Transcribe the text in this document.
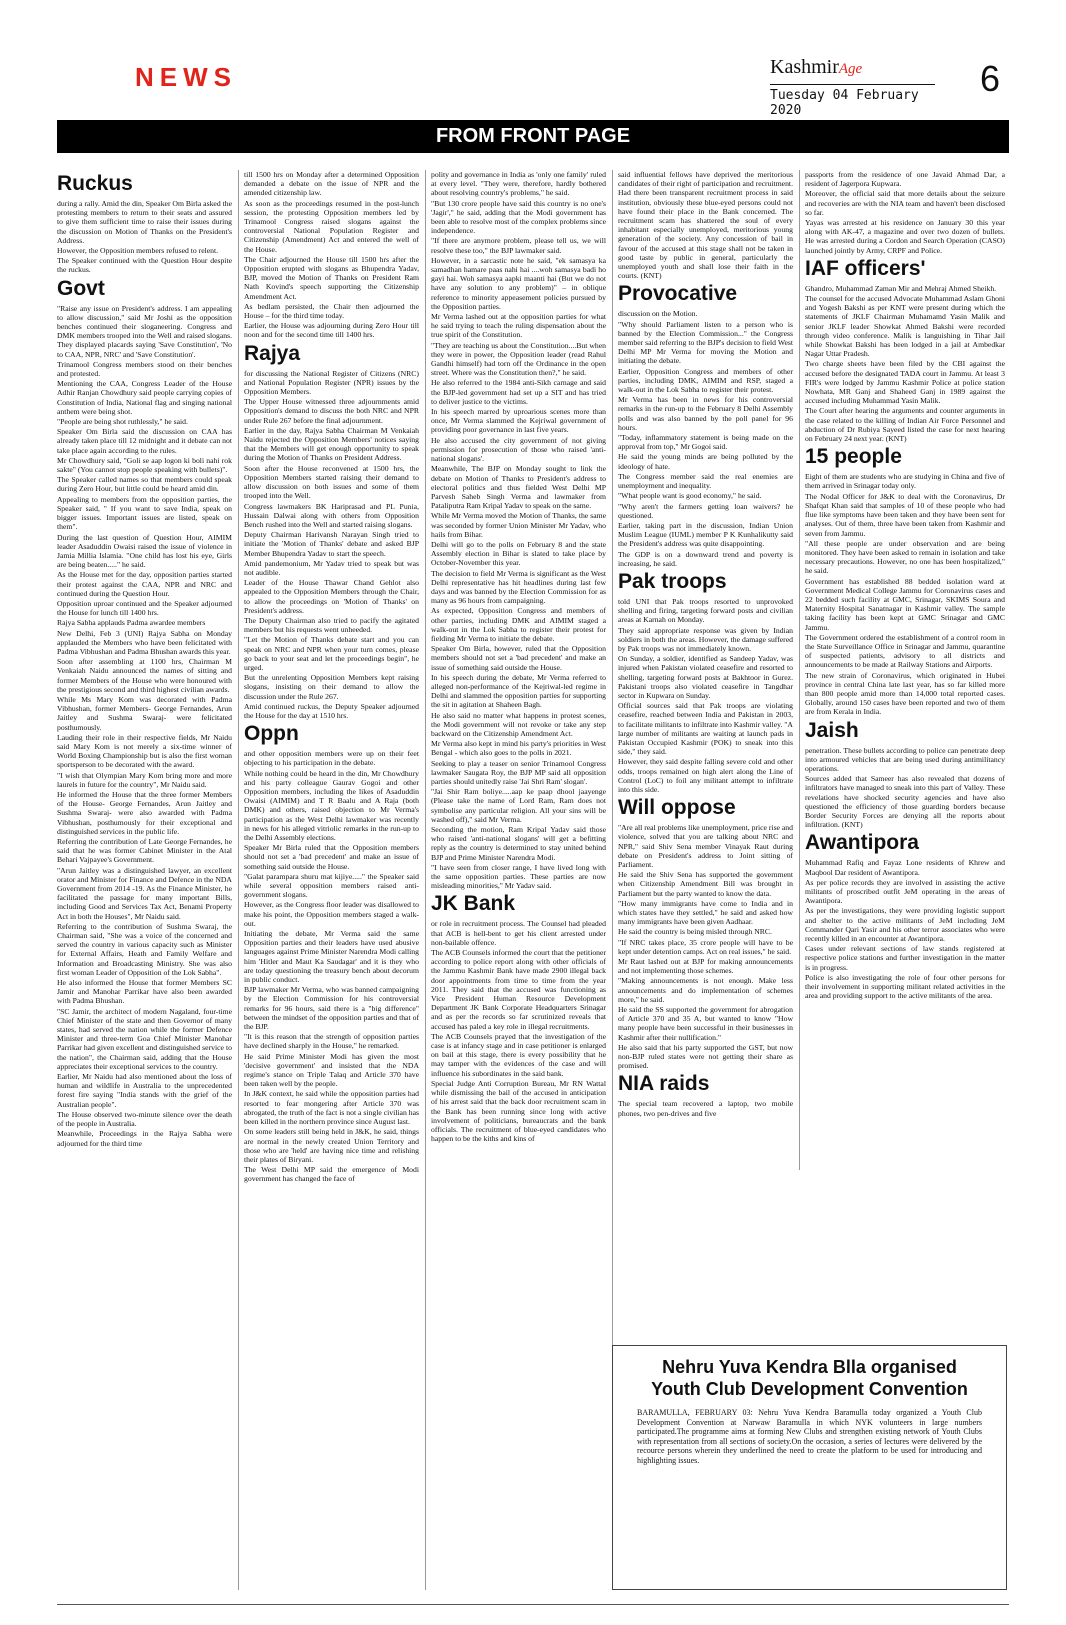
NEWS	KashmirAge
Tuesday 04 February 2020
6
FROM FRONT PAGE
Ruckus

during a rally. Amid the din, Speaker Om Birla asked the protesting members to return to their seats and assured to give them sufficient time to raise their issues during the discussion on Motion of Thanks on the President's Address.

However, the Opposition members refused to relent.

The Speaker continued with the Question Hour despite the ruckus.

Govt

"Raise any issue on President's address. I am appealing to allow discussion," said Mr Joshi as the opposition benches continued their sloganeering. Congress and DMK members trooped into the Well and raised slogans. They displayed placards saying 'Save Constitution', 'No to CAA, NPR, NRC' and 'Save Constitution'.

Trinamool Congress members stood on their benches and protested.

Mentioning the CAA, Congress Leader of the House Adhir Ranjan Chowdhury said people carrying copies of Constitution of India, National flag and singing national anthem were being shot.

"People are being shot ruthlessly," he said.

Speaker Om Birla said the discussion on CAA has already taken place till 12 midnight and it debate can not take place again according to the rules.

Mr Chowdhury said, "Goli se aap logon ki boli nahi rok sakte" (You cannot stop people speaking with bullets)".

The Speaker called names so that members could speak during Zero Hour, but little could be heard amid din.

Appealing to members from the opposition parties, the Speaker said, " If you want to save India, speak on bigger issues. Important issues are listed, speak on them".

During the last question of Question Hour, AIMIM leader Asaduddin Owaisi raised the issue of violence in Jamia Millia Islamia. "One child has lost his eye, Girls are being beaten....." he said.

As the House met for the day, opposition parties started their protest against the CAA, NPR and NRC and continued during the Question Hour.

Opposition uproar continued and the Speaker adjourned the House for lunch till 1400 hrs.

Rajya Sabha applauds Padma awardee members

New Delhi, Feb 3 (UNI) Rajya Sabha on Monday applauded the Members who have been felicitated with Padma Vibhushan and Padma Bhushan awards this year.

Soon after assembling at 1100 hrs, Chairman M Venkaiah Naidu announced the names of sitting and former Members of the House who were honoured with the prestigious second and third highest civilian awards.

While Ms Mary Kom was decorated with Padma Vibhushan, former Members- George Fernandes, Arun Jaitley and Sushma Swaraj- were felicitated posthumously.

Lauding their role in their respective fields, Mr Naidu said Mary Kom is not merely a six-time winner of World Boxing Championship but is also the first woman sportsperson to be decorated with the award.

"I wish that Olympian Mary Kom bring more and more laurels in future for the country", Mr Naidu said.

He informed the House that the three former Members of the House- George Fernandes, Arun Jaitley and Sushma Swaraj- were also awarded with Padma Vibhushan, posthumously for their exceptional and distinguished services in the public life.

Referring the contribution of Late George Fernandes, he said that he was former Cabinet Minister in the Atal Behari Vajpayee's Government.

"Arun Jaitley was a distinguished lawyer, an excellent orator and Minister for Finance and Defence in the NDA Government from 2014 -19. As the Finance Minister, he facilitated the passage for many important Bills, including Good and Services Tax Act, Benami Property Act in both the Houses", Mr Naidu said.

Referring to the contribution of Sushma Swaraj, the Chairman said, "She was a voice of the concerned and served the country in various capacity such as Minister for External Affairs, Heath and Family Welfare and Information and Broadcasting Ministry. She was also first woman Leader of Opposition of the Lok Sabha".

He also informed the House that former Members SC Jamir and Manohar Parrikar have also been awarded with Padma Bhushan.

"SC Jamir, the architect of modern Nagaland, four-time Chief Minister of the state and then Governor of many states, had served the nation while the former Defence Minister and three-term Goa Chief Minister Manohar Parrikar had given excellent and distinguished service to the nation", the Chairman said, adding that the House appreciates their exceptional services to the country.

Earlier, Mr Naidu had also mentioned about the loss of human and wildlife in Australia to the unprecedented forest fire saying "India stands with the grief of the Australian people".

The House observed two-minute silence over the death of the people in Australia.

Meanwhile, Proceedings in the Rajya Sabha were adjourned for the third time

till 1500 hrs on Monday after a determined Opposition demanded a debate on the issue of NPR and the amended citizenship law.

As soon as the proceedings resumed in the post-lunch session, the protesting Opposition members led by Trinamool Congress raised slogans against the controversial National Population Register and Citizenship (Amendment) Act and entered the well of the House.

The Chair adjourned the House till 1500 hrs after the Opposition erupted with slogans as Bhupendra Yadav, BJP, moved the Motion of Thanks on President Ram Nath Kovind's speech supporting the Citizenship Amendment Act.

As bedlam persisted, the Chair then adjourned the House – for the third time today.

Earlier, the House was adjourning during Zero Hour till noon and for the second time till 1400 hrs.

Rajya

for discussing the National Register of Citizens (NRC) and National Population Register (NPR) issues by the Opposition Members.

The Upper House witnessed three adjournments amid Opposition's demand to discuss the both NRC and NPR under Rule 267 before the final adjournment.

Earlier in the day, Rajya Sabha Chairman M Venkaiah Naidu rejected the Opposition Members' notices saying that the Members will get enough opportunity to speak during the Motion of Thanks on President Address.

Soon after the House reconvened at 1500 hrs, the Opposition Members started raising their demand to allow discussion on both issues and some of them trooped into the Well.

Congress lawmakers BK Hariprasad and PL Punia, Hussain Dalwai along with others from Opposition Bench rushed into the Well and started raising slogans.

Deputy Chairman Harivansh Narayan Singh tried to initiate the 'Motion of Thanks' debate and asked BJP Member Bhupendra Yadav to start the speech.

Amid pandemonium, Mr Yadav tried to speak but was not audible.

Leader of the House Thawar Chand Gehlot also appealed to the Opposition Members through the Chair, to allow the proceedings on 'Motion of Thanks' on President's address.

The Deputy Chairman also tried to pacify the agitated members but his requests went unheeded.

"Let the Motion of Thanks debate start and you can speak on NRC and NPR when your turn comes, please go back to your seat and let the proceedings begin", he urged.

But the unrelenting Opposition Members kept raising slogans, insisting on their demand to allow the discussion under the Rule 267.

Amid continued ruckus, the Deputy Speaker adjourned the House for the day at 1510 hrs.

Oppn

and other opposition members were up on their feet objecting to his participation in the debate.

While nothing could be heard in the din, Mr Chowdhury and his party colleague Gaurav Gogoi and other Opposition members, including the likes of Asaduddin Owaisi (AIMIM) and T R Baalu and A Raja (both DMK) and others, raised objection to Mr Verma's participation as the West Delhi lawmaker was recently in news for his alleged vitriolic remarks in the run-up to the Delhi Assembly elections.

Speaker Mr Birla ruled that the Opposition members should not set a 'bad precedent' and make an issue of something said outside the House.

"Galat parampara shuru mat kijiye....." the Speaker said while several opposition members raised anti-government slogans.

However, as the Congress floor leader was disallowed to make his point, the Opposition members staged a walk-out.

Initiating the debate, Mr Verma said the same Opposition parties and their leaders have used abusive languages against Prime Minister Narendra Modi calling him 'Hitler and Maut Ka Saudagar' and it is they who are today questioning the treasury bench about decorum in public conduct.

BJP lawmaker Mr Verma, who was banned campaigning by the Election Commission for his controversial remarks for 96 hours, said there is a "big difference" between the mindset of the opposition parties and that of the BJP.

"It is this reason that the strength of opposition parties have declined sharply in the House," he remarked.

He said Prime Minister Modi has given the most 'decisive government' and insisted that the NDA regime's stance on Triple Talaq and Article 370 have been taken well by the people.

In J&K context, he said while the opposition parties had resorted to fear mongering after Article 370 was abrogated, the truth of the fact is not a single civilian has been killed in the northern province since August last.

On some leaders still being held in J&K, he said, things are normal in the newly created Union Territory and those who are 'held' are having nice time and relishing their plates of Biryani.

The West Delhi MP said the emergence of Modi government has changed the face of

polity and governance in India as 'only one family' ruled at every level. "They were, therefore, hardly bothered about resolving country's problems," he said.

"But 130 crore people have said this country is no one's 'Jagir'," he said, adding that the Modi government has been able to resolve most of the complex problems since independence.

"If there are anymore problem, please tell us, we will resolve these too," the BJP lawmaker said.

However, in a sarcastic note he said, "ek samasya ka samadhan hamare paas nahi hai ....woh samasya badi ho gayi hai. Woh samasya aapki maanti hai (But we do not have any solution to any problem)" – in oblique reference to minority appeasement policies pursued by the Opposition parties.

Mr Verma lashed out at the opposition parties for what he said trying to teach the ruling dispensation about the true spirit of the Constitution.

"They are teaching us about the Constitution....But when they were in power, the Opposition leader (read Rahul Gandhi himself) had torn off the Ordinance in the open street. Where was the Constitution then?," he said.

He also referred to the 1984 anti-Sikh carnage and said the BJP-led government had set up a SIT and has tried to deliver justice to the victims.

In his speech marred by uproarious scenes more than once, Mr Verma slammed the Kejriwal government of providing poor governance in last five years.

He also accused the city government of not giving permission for prosecution of those who raised 'anti-national slogans'.

Meanwhile, The BJP on Monday sought to link the debate on Motion of Thanks to President's address to electoral politics and thus fielded West Delhi MP Parvesh Saheb Singh Verma and lawmaker from Pataliputra Ram Kripal Yadav to speak on the same.

While Mr Verma moved the Motion of Thanks, the same was seconded by former Union Minister Mr Yadav, who hails from Bihar.

Delhi will go to the polls on February 8 and the state Assembly election in Bihar is slated to take place by October-November this year.

The decision to field Mr Verma is significant as the West Delhi representative has hit headlines during last few days and was banned by the Election Commission for as many as 96 hours from campaigning.

As expected, Opposition Congress and members of other parties, including DMK and AIMIM staged a walk-out in the Lok Sabha to register their protest for fielding Mr Verma to initiate the debate.

Speaker Om Birla, however, ruled that the Opposition members should not set a 'bad precedent' and make an issue of something said outside the House.

In his speech during the debate, Mr Verma referred to alleged non-performance of the Kejriwal-led regime in Delhi and slammed the opposition parties for supporting the sit in agitation at Shaheen Bagh.

He also said no matter what happens in protest scenes, the Modi government will not revoke or take any step backward on the Citizenship Amendment Act.

Mr Verma also kept in mind his party's priorities in West Bengal - which also goes to the polls in 2021.

Seeking to play a teaser on senior Trinamool Congress lawmaker Saugata Roy, the BJP MP said all opposition parties should unitedly raise 'Jai Shri Ram' slogan'.

"Jai Shir Ram boliye.....aap ke paap dhool jaayenge (Please take the name of Lord Ram, Ram does not symbolise any particular religion. All your sins will be washed off)," said Mr Verma.

Seconding the motion, Ram Kripal Yadav said those who raised 'anti-national slogans' will get a befitting reply as the country is determined to stay united behind BJP and Prime Minister Narendra Modi.

"I have seen from closer range, I have lived long with the same opposition parties. These parties are now misleading minorities," Mr Yadav said.

JK Bank

or role in recruitment process. The Counsel had pleaded that ACB is hell-bent to get his client arrested under non-bailable offence.

The ACB Counsels informed the court that the petitioner according to police report along with other officials of the Jammu Kashmir Bank have made 2900 illegal back door appointments from time to time from the year 2011. They said that the accused was functioning as Vice President Human Resource Development Department JK Bank Corporate Headquarters Srinagar and as per the records so far scrutinized reveals that accused has paled a key role in illegal recruitments.

The ACB Counsels prayed that the investigation of the case is at infancy stage and in case petitioner is enlarged on bail at this stage, there is every possibility that he may tamper with the evidences of the case and will influence his subordinates in the said bank.

Special Judge Anti Corruption Bureau, Mr RN Wattal while dismissing the bail of the accused in anticipation of his arrest said that the back door recruitment scam in the Bank has been running since long with active involvement of politicians, bureaucrats and the bank officials. The recruitment of blue-eyed candidates who happen to be the kiths and kins of

said influential fellows have deprived the meritorious candidates of their right of participation and recruitment. Had there been transparent recruitment process in said institution, obviously these blue-eyed persons could not have found their place in the Bank concerned. The recruitment scam has shattered the soul of every inhabitant especially unemployed, meritorious young generation of the society. Any concession of bail in favour of the accused at this stage shall not be taken in good taste by public in general, particularly the unemployed youth and shall lose their faith in the courts. (KNT)

Provocative

discussion on the Motion.

"Why should Parliament listen to a person who is banned by the Election Commission..." the Congress member said referring to the BJP's decision to field West Delhi MP Mr Verma for moving the Motion and initiating the debate.

Earlier, Opposition Congress and members of other parties, including DMK, AIMIM and RSP, staged a walk-out in the Lok Sabha to register their protest.

Mr Verma has been in news for his controversial remarks in the run-up to the February 8 Delhi Assembly polls and was also banned by the poll panel for 96 hours.

"Today, inflammatory statement is being made on the approval from top," Mr Gogoi said.

He said the young minds are being polluted by the ideology of hate.

The Congress member said the real enemies are unemployment and inequality.

"What people want is good economy," he said.

"Why aren't the farmers getting loan waivers? he questioned.

Earlier, taking part in the discussion, Indian Union Muslim League (IUML) member P K Kunhalikutty said the President's address was quite disappointing.

The GDP is on a downward trend and poverty is increasing, he said.

Pak troops

told UNI that Pak troops resorted to unprovoked shelling and firing, targeting forward posts and civilian areas at Karnah on Monday.

They said appropriate response was given by Indian soldiers in both the areas. However, the damage suffered by Pak troops was not immediately known.

On Sunday, a soldier, identified as Sandeep Yadav, was injured when Pakistan violated ceasefire and resorted to shelling, targeting forward posts at Bakhtoor in Gurez. Pakistani troops also violated ceasefire in Tangdhar sector in Kupwara on Sunday.

Official sources said that Pak troops are violating ceasefire, reached between India and Pakistan in 2003, to facilitate militants to infiltrate into Kashmir valley. "A large number of militants are waiting at launch pads in Pakistan Occupied Kashmir (POK) to sneak into this side," they said.

However, they said despite falling severe cold and other odds, troops remained on high alert along the Line of Control (LoC) to foil any militant attempt to infiltrate into this side.

Will oppose

"Are all real problems like unemployment, price rise and violence, solved that you are talking about NRC and NPR," said Shiv Sena member Vinayak Raut during debate on President's address to Joint sitting of Parliament.

He said the Shiv Sena has supported the government when Citizenship Amendment Bill was brought in Parliament but the party wanted to know the data.

"How many immigrants have come to India and in which states have they settled," he said and asked how many immigrants have been given Aadhaar.

He said the country is being misled through NRC.

"If NRC takes place, 35 crore people will have to be kept under detention camps. Act on real issues," he said.

Mr Raut lashed out at BJP for making announcements and not implementing those schemes.

"Making announcements is not enough. Make less announcements and do implementation of schemes more," he said.

He said the SS supported the government for abrogation of Article 370 and 35 A, but wanted to know "How many people have been successful in their businesses in Kashmir after their nullification."

He also said that his party supported the GST, but now non-BJP ruled states were not getting their share as promised.

NIA raids

The special team recovered a laptop, two mobile phones, two pen-drives and five

passports from the residence of one Javaid Ahmad Dar, a resident of Jagerpora Kupwara.

Moreover, the official said that more details about the seizure and recoveries are with the NIA team and haven't been disclosed so far.

Yayas was arrested at his residence on January 30 this year along with AK-47, a magazine and over two dozen of bullets. He was arrested during a Cordon and Search Operation (CASO) launched jointly by Army, CRPF and Police.

IAF officers'

Ghandro, Muhammad Zaman Mir and Mehraj Ahmed Sheikh.

The counsel for the accused Advocate Muhammad Aslam Ghoni and Yogesh Bakshi as per KNT were present during which the statements of JKLF Chairman Muhamamd Yasin Malik and senior JKLF leader Showkat Ahmed Bakshi were recorded through video conference. Malik is languishing in Tihar Jail while Showkat Bakshi has been lodged in a jail at Ambedkar Nagar Uttar Pradesh.

Two charge sheets have been filed by the CBI against the accused before the designated TADA court in Jammu. At least 3 FIR's were lodged by Jammu Kashmir Police at police station Nowhata, MR Ganj and Shaheed Ganj in 1989 against the accused including Muhammad Yasin Malik.

The Court after hearing the arguments and counter arguments in the case related to the killing of Indian Air Force Personnel and abduction of Dr Rubiya Sayeed listed the case for next hearing on February 24 next year. (KNT)

15 people

Eight of them are students who are studying in China and five of them arrived in Srinagar today only.

The Nodal Officer for J&K to deal with the Coronavirus, Dr Shafqat Khan said that samples of 10 of these people who had flue like symptoms have been taken and they have been sent for analyses. Out of them, three have been taken from Kashmir and seven from Jammu.

"All these people are under observation and are being monitored. They have been asked to remain in isolation and take necessary precautions. However, no one has been hospitalized," he said.

Government has established 88 bedded isolation ward at Government Medical College Jammu for Coronavirus cases and 22 bedded such facility at GMC, Srinagar, SKIMS Soura and Maternity Hospital Sanatnagar in Kashmir valley. The sample taking facility has been kept at GMC Srinagar and GMC Jammu.

The Government ordered the establishment of a control room in the State Surveillance Office in Srinagar and Jammu, quarantine of suspected patients, advisory to all districts and announcements to be made at Railway Stations and Airports.

The new strain of Coronavirus, which originated in Hubei province in central China late last year, has so far killed more than 800 people amid more than 14,000 total reported cases. Globally, around 150 cases have been reported and two of them are from Kerala in India.

Jaish

penetration. These bullets according to police can penetrate deep into armoured vehicles that are being used during antimilitancy operations.

Sources added that Sameer has also revealed that dozens of infiltrators have managed to sneak into this part of Valley. These revelations have shocked security agencies and have also questioned the efficiency of those guarding borders because Border Security Forces are denying all the reports about infiltration. (KNT)

Awantipora

Muhammad Rafiq and Fayaz Lone residents of Khrew and Maqbool Dar resident of Awantipora.

As per police records they are involved in assisting the active militants of proscribed outfit JeM operating in the areas of Awantipora.

As per the investigations, they were providing logistic support and shelter to the active militants of JeM including JeM Commander Qari Yasir and his other terror associates who were recently killed in an encounter at Awantipora.

Cases under relevant sections of law stands registered at respective police stations and further investigation in the matter is in progress.

Police is also investigating the role of four other persons for their involvement in supporting militant related activities in the area and providing support to the active militants of the area.

Nehru Yuva Kendra Blla organised
Youth Club Development Convention
BARAMULLA, FEBRUARY 03: Nehru Yuva Kendra Baramulla today organized a Youth Club Development Convention at Narwaw Baramulla in which NYK volunteers in large numbers participated.The programme aims at forming New Clubs and strengthen existing network of Youth Clubs with representation from all sections of society.On the occasion, a series of lectures were delivered by the recource persons wherein they underlined the need to create the platform to be used for introducing and highlighting issues.
